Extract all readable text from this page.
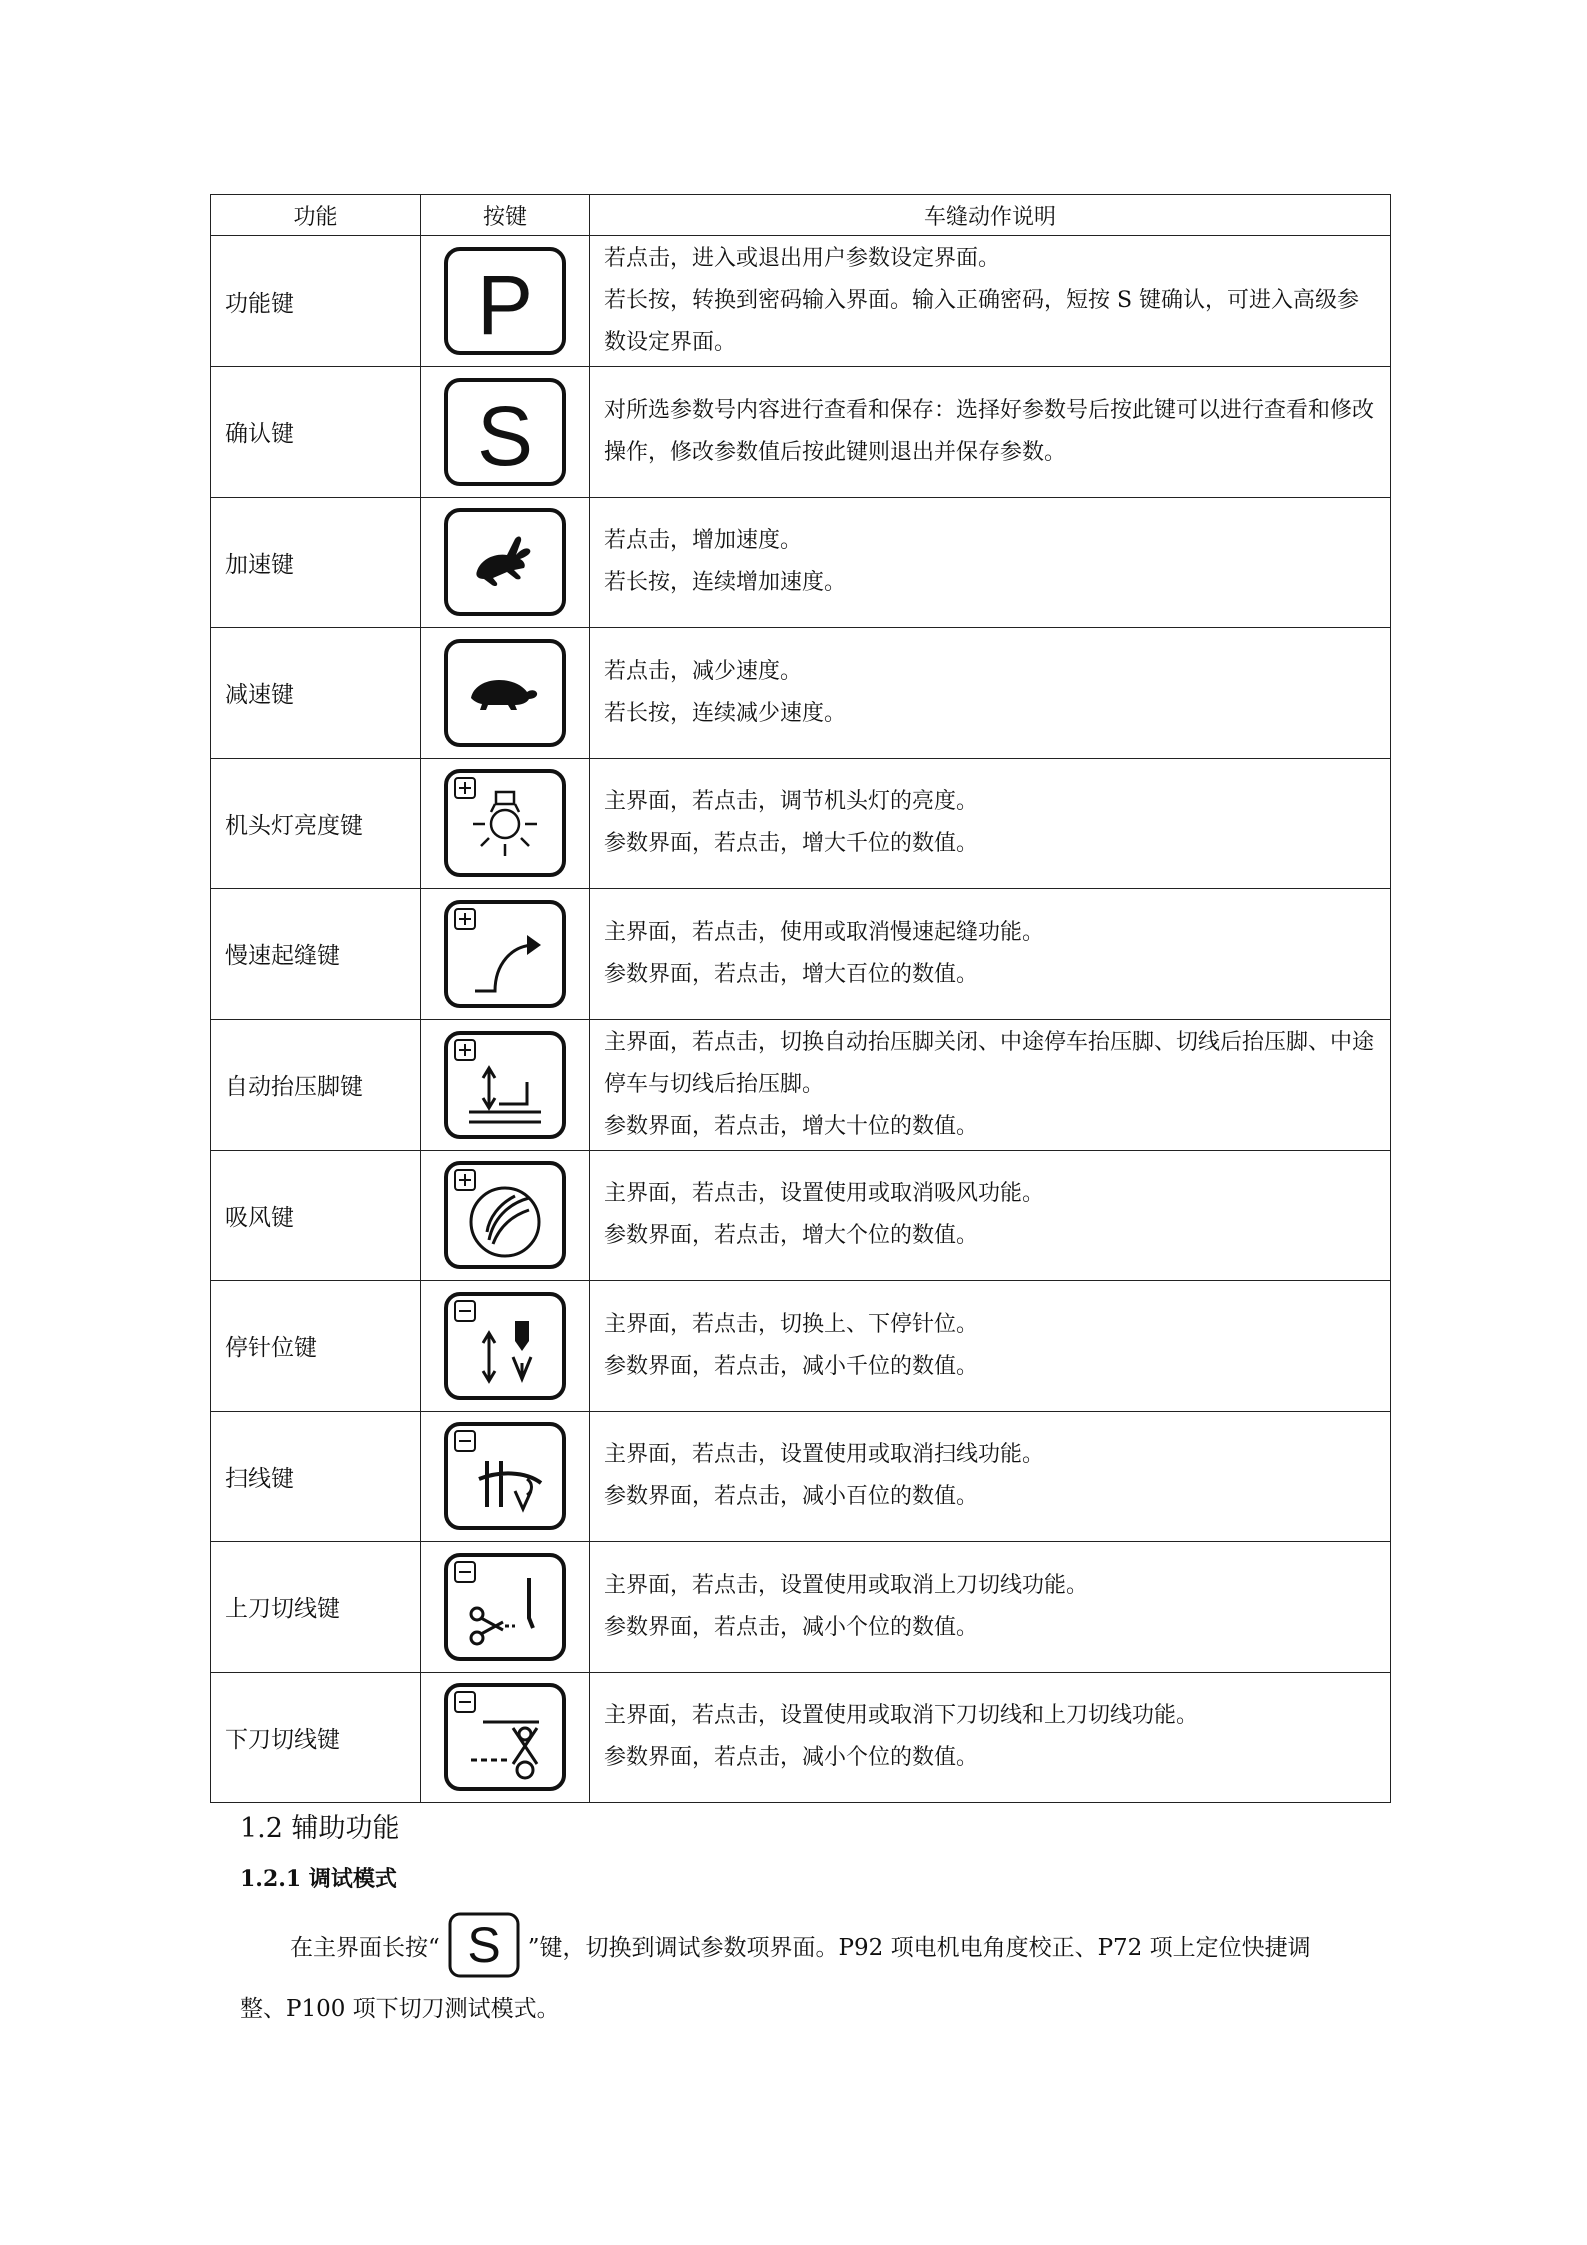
功能	按键	车缝动作说明
功能键	P	若点击，进入或退出用户参数设定界面。
若长按，转换到密码输入界面。输入正确密码，短按 S 键确认，可进入高级参数设定界面。

确认键	S	对所选参数号内容进行查看和保存：选择好参数号后按此键可以进行查看和修改操作，修改参数值后按此键则退出并保存参数。

加速键		若点击，增加速度。
若长按，连续增加速度。

减速键		若点击，减少速度。
若长按，连续减少速度。

机头灯亮度键		主界面，若点击，调节机头灯的亮度。
参数界面，若点击，增大千位的数值。

慢速起缝键		主界面，若点击，使用或取消慢速起缝功能。
参数界面，若点击，增大百位的数值。

自动抬压脚键		主界面，若点击，切换自动抬压脚关闭、中途停车抬压脚、切线后抬压脚、中途停车与切线后抬压脚。
参数界面，若点击，增大十位的数值。

吸风键		主界面，若点击，设置使用或取消吸风功能。
参数界面，若点击，增大个位的数值。

停针位键		主界面，若点击，切换上、下停针位。
参数界面，若点击，减小千位的数值。

扫线键		主界面，若点击，设置使用或取消扫线功能。
参数界面，若点击，减小百位的数值。

上刀切线键		主界面，若点击，设置使用或取消上刀切线功能。
参数界面，若点击，减小个位的数值。

下刀切线键		主界面，若点击，设置使用或取消下刀切线和上刀切线功能。
参数界面，若点击，减小个位的数值。
1.2 辅助功能
1.2.1 调试模式
在主界面长按“ S ”键，切换到调试参数项界面。P92 项电机电角度校正、P72 项上定位快捷调
整、P100 项下切刀测试模式。
